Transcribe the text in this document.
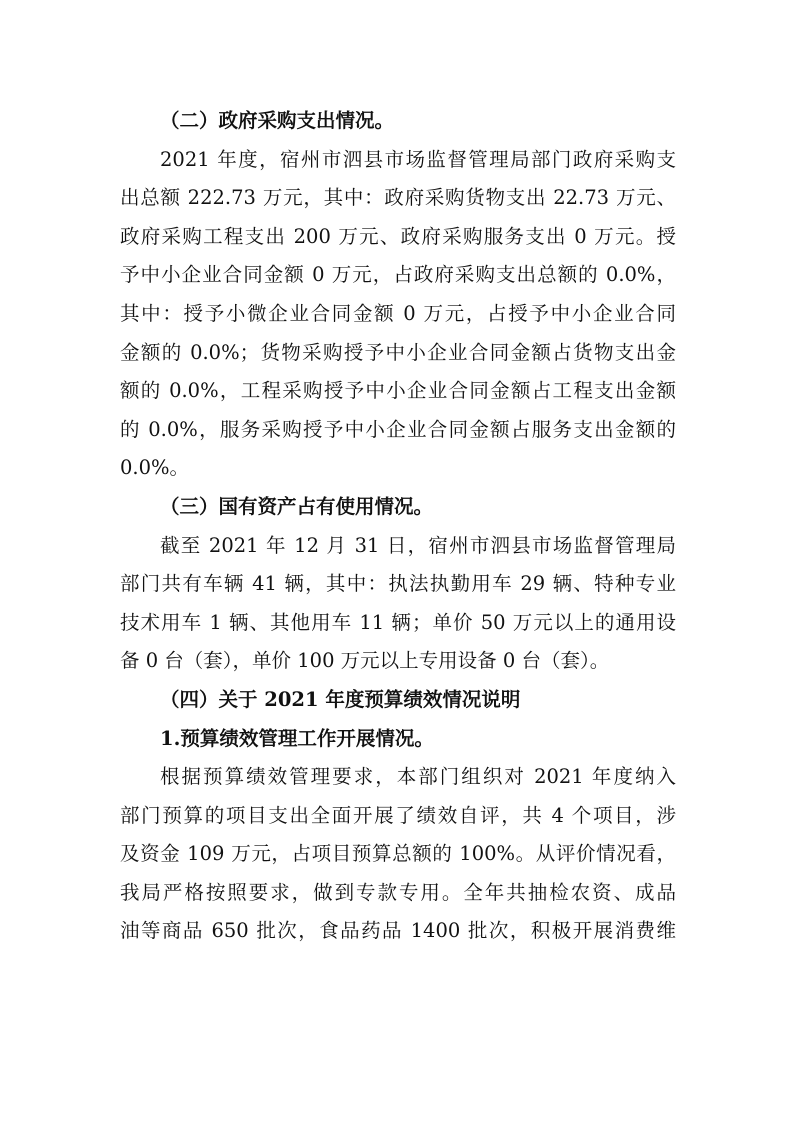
（二）政府采购支出情况。
2021 年度，宿州市泗县市场监督管理局部门政府采购支
出总额 222.73 万元，其中：政府采购货物支出 22.73 万元、
政府采购工程支出 200 万元、政府采购服务支出 0 万元。授
予中小企业合同金额 0 万元，占政府采购支出总额的 0.0%，
其中：授予小微企业合同金额 0 万元，占授予中小企业合同
金额的 0.0%；货物采购授予中小企业合同金额占货物支出金
额的 0.0%，工程采购授予中小企业合同金额占工程支出金额
的 0.0%，服务采购授予中小企业合同金额占服务支出金额的
0.0%。
（三）国有资产占有使用情况。
截至 2021 年 12 月 31 日，宿州市泗县市场监督管理局
部门共有车辆 41 辆，其中：执法执勤用车 29 辆、特种专业
技术用车 1 辆、其他用车 11 辆；单价 50 万元以上的通用设
备 0 台（套），单价 100 万元以上专用设备 0 台（套）。
（四）关于 2021 年度预算绩效情况说明
1.预算绩效管理工作开展情况。
根据预算绩效管理要求，本部门组织对 2021 年度纳入
部门预算的项目支出全面开展了绩效自评，共 4 个项目，涉
及资金 109 万元，占项目预算总额的 100%。从评价情况看，
我局严格按照要求，做到专款专用。全年共抽检农资、成品
油等商品 650 批次，食品药品 1400 批次，积极开展消费维
